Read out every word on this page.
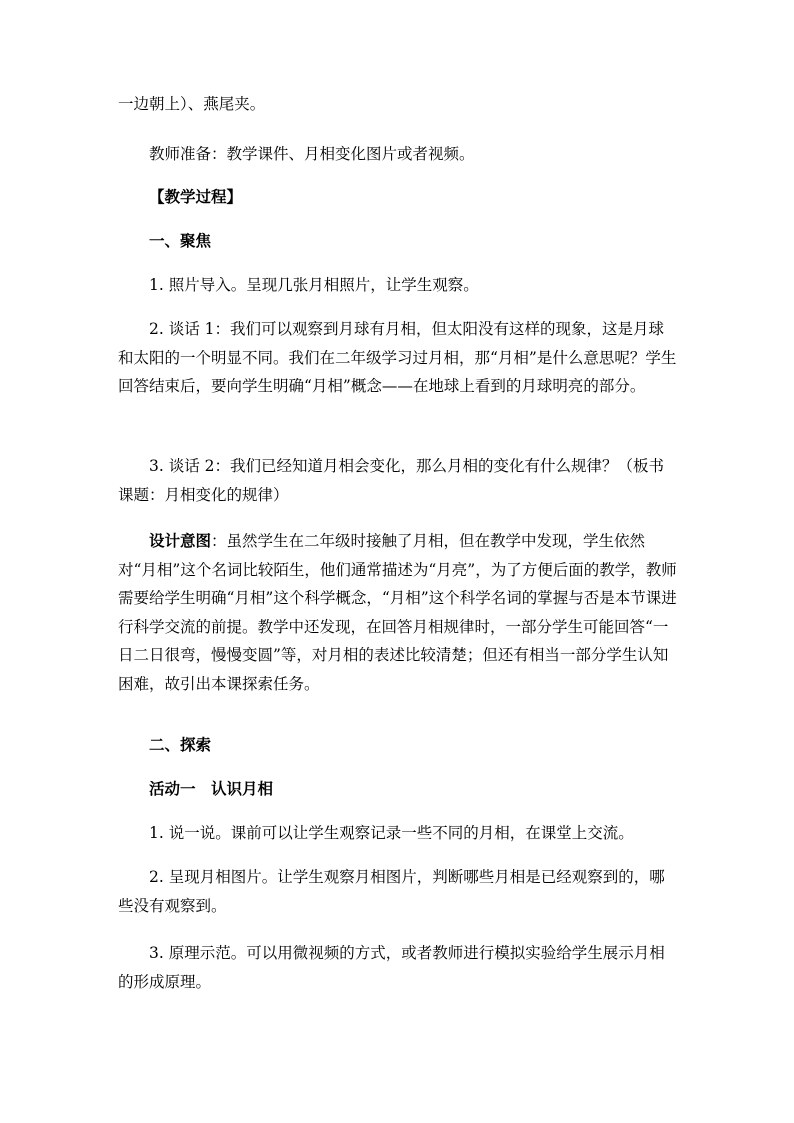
一边朝上）、燕尾夹。

教师准备：教学课件、月相变化图片或者视频。

【教学过程】

一、聚焦

1. 照片导入。呈现几张月相照片，让学生观察。

2. 谈话 1：我们可以观察到月球有月相，但太阳没有这样的现象，这是月球和太阳的一个明显不同。我们在二年级学习过月相，那“月相”是什么意思呢？学生回答结束后，要向学生明确“月相”概念——在地球上看到的月球明亮的部分。

3. 谈话 2：我们已经知道月相会变化，那么月相的变化有什么规律？（板书课题：月相变化的规律）

设计意图：虽然学生在二年级时接触了月相，但在教学中发现，学生依然对“月相”这个名词比较陌生，他们通常描述为“月亮”，为了方便后面的教学，教师需要给学生明确“月相”这个科学概念，“月相”这个科学名词的掌握与否是本节课进行科学交流的前提。教学中还发现，在回答月相规律时，一部分学生可能回答“一日二日很弯，慢慢变圆”等，对月相的表述比较清楚；但还有相当一部分学生认知困难，故引出本课探索任务。

二、探索

活动一　认识月相

1. 说一说。课前可以让学生观察记录一些不同的月相，在课堂上交流。

2. 呈现月相图片。让学生观察月相图片，判断哪些月相是已经观察到的，哪些没有观察到。

3. 原理示范。可以用微视频的方式，或者教师进行模拟实验给学生展示月相的形成原理。
